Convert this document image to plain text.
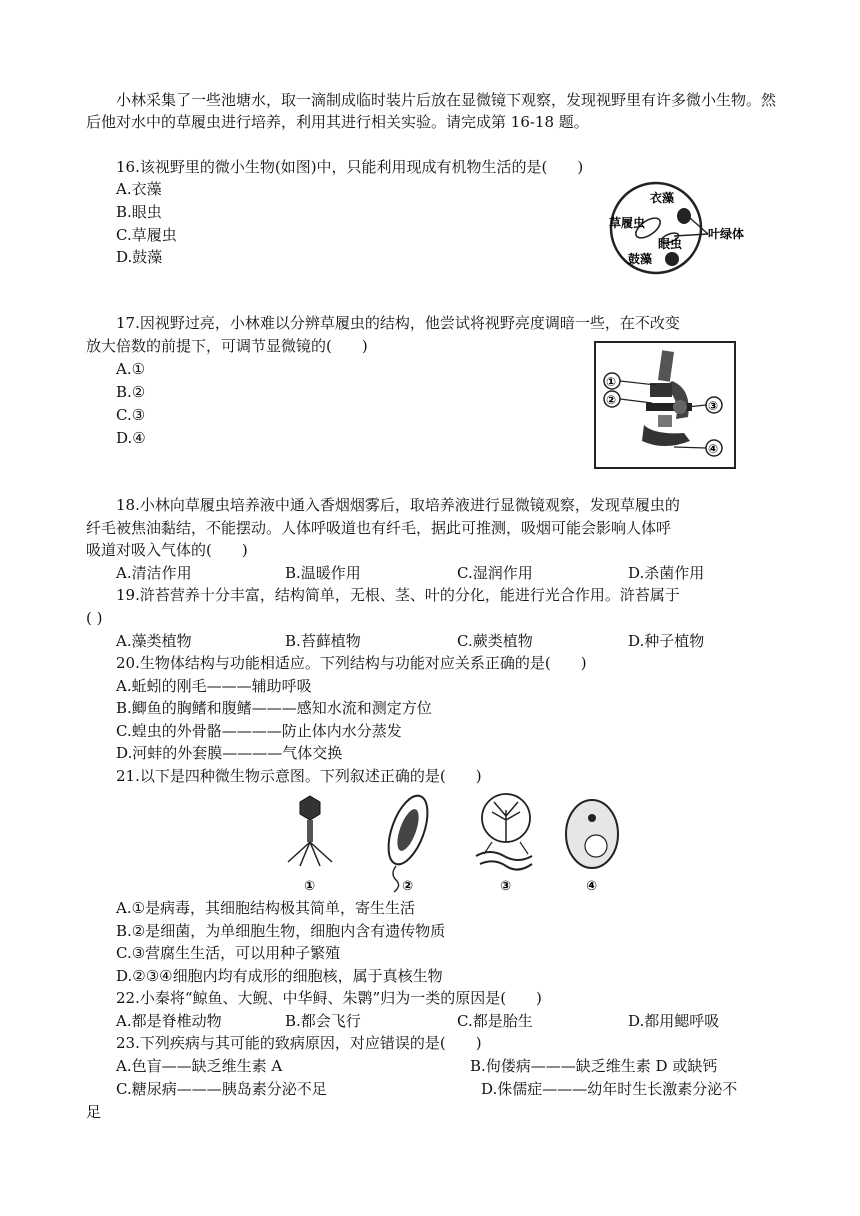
小林采集了一些池塘水，取一滴制成临时装片后放在显微镜下观察，发现视野里有许多微小生物。然后他对水中的草履虫进行培养，利用其进行相关实验。请完成第 16-18 题。
16.该视野里的微小生物(如图)中，只能利用现成有机物生活的是(　　)
A.衣藻
B.眼虫
C.草履虫
D.鼓藻
衣藻
草履虫
眼虫
叶绿体
鼓藻
17.因视野过亮，小林难以分辨草履虫的结构，他尝试将视野亮度调暗一些，在不改变
放大倍数的前提下，可调节显微镜的(　　)
A.①
B.②
C.③
D.④
①
②	③
④
18.小林向草履虫培养液中通入香烟烟雾后，取培养液进行显微镜观察，发现草履虫的
纤毛被焦油黏结，不能摆动。人体呼吸道也有纤毛，据此可推测，吸烟可能会影响人体呼
吸道对吸入气体的(　　)
A.清洁作用	B.温暖作用	C.湿润作用	D.杀菌作用
19.浒苔营养十分丰富，结构简单，无根、茎、叶的分化，能进行光合作用。浒苔属于
( )
A.藻类植物	B.苔藓植物	C.蕨类植物	D.种子植物
20.生物体结构与功能相适应。下列结构与功能对应关系正确的是(　　)
A.蚯蚓的刚毛———辅助呼吸
B.鲫鱼的胸鳍和腹鳍———感知水流和测定方位
C.蝗虫的外骨骼————防止体内水分蒸发
D.河蚌的外套膜————气体交换
21.以下是四种微生物示意图。下列叙述正确的是(　　)
①	②	③	④
A.①是病毒，其细胞结构极其简单，寄生生活
B.②是细菌，为单细胞生物，细胞内含有遗传物质
C.③营腐生生活，可以用种子繁殖
D.②③④细胞内均有成形的细胞核，属于真核生物
22.小秦将“鲸鱼、大鲵、中华鲟、朱鹮”归为一类的原因是(　　)
A.都是脊椎动物	B.都会飞行	C.都是胎生	D.都用鳃呼吸
23.下列疾病与其可能的致病原因，对应错误的是(　　)
A.色盲——缺乏维生素 A	B.佝偻病———缺乏维生素 D 或缺钙
C.糖尿病———胰岛素分泌不足	D.侏儒症———幼年时生长激素分泌不
足
